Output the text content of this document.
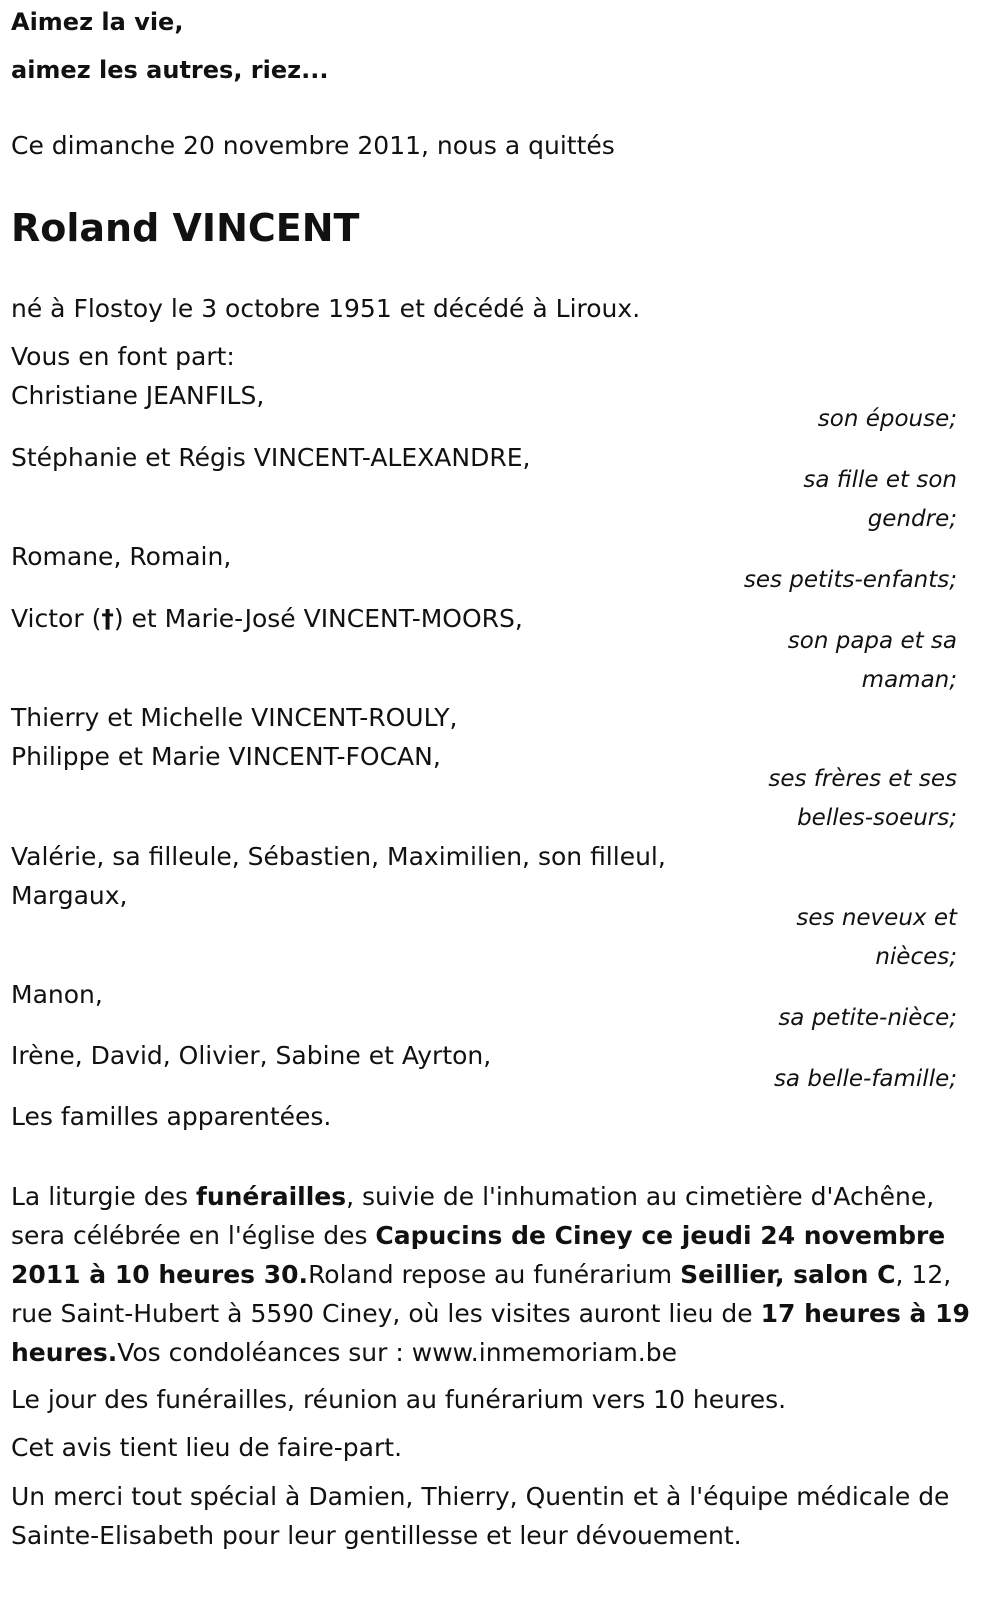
Aimez la vie,
aimez les autres, riez...
Ce dimanche 20 novembre 2011, nous a quittés
Roland VINCENT
né à Flostoy le 3 octobre 1951 et décédé à Liroux.
Vous en font part:
Christiane JEANFILS,
son épouse;
Stéphanie et Régis VINCENT-ALEXANDRE,
sa fille et son
gendre;
Romane, Romain,
ses petits-enfants;
Victor (†) et Marie-José VINCENT-MOORS,
son papa et sa
maman;
Thierry et Michelle VINCENT-ROULY,
Philippe et Marie VINCENT-FOCAN,
ses frères et ses
belles-soeurs;
Valérie, sa filleule, Sébastien, Maximilien, son filleul,
Margaux,
ses neveux et
nièces;
Manon,
sa petite-nièce;
Irène, David, Olivier, Sabine et Ayrton,
sa belle-famille;
Les familles apparentées.

La liturgie des funérailles, suivie de l'inhumation au cimetière d'Achêne, sera célébrée en l'église des Capucins de Ciney ce jeudi 24 novembre 2011 à 10 heures 30.Roland repose au funérarium Seillier, salon C, 12, rue Saint-Hubert à 5590 Ciney, où les visites auront lieu de 17 heures à 19 heures.Vos condoléances sur : www.inmemoriam.be

Le jour des funérailles, réunion au funérarium vers 10 heures.

Cet avis tient lieu de faire-part.

Un merci tout spécial à Damien, Thierry, Quentin et à l'équipe médicale de Sainte-Elisabeth pour leur gentillesse et leur dévouement.
